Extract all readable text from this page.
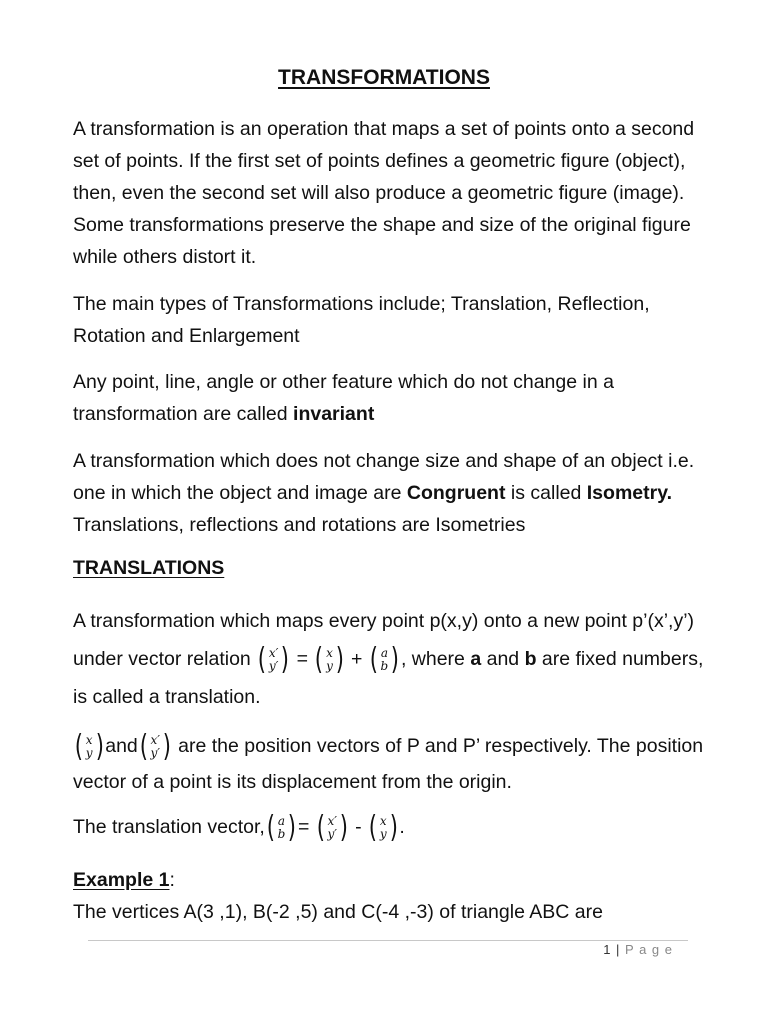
TRANSFORMATIONS

A transformation is an operation that maps a set of points onto a second set of points. If the first set of points defines a geometric figure (object), then, even the second set will also produce a geometric figure (image). Some transformations preserve the shape and size of the original figure while others distort it.

The main types of Transformations include; Translation, Reflection, Rotation and Enlargement

Any point, line, angle or other feature which do not change in a transformation are called invariant

A transformation which does not change size and shape of an object i.e. one in which the object and image are Congruent is called Isometry. Translations, reflections and rotations are Isometries

TRANSLATIONS

A transformation which maps every point p(x,y) onto a new point p’(x’,y’) under vector relation ( x′
y′ ) = ( x
y ) + ( a
b ) , where a and b are fixed numbers, is called a translation.

( x
y ) and ( x′
y′ ) are the position vectors of P and P’ respectively. The position vector of a point is its displacement from the origin.

The translation vector, ( a
b ) = ( x′
y′ ) - ( x
y ) .

Example 1:
The vertices A(3 ,1), B(-2 ,5) and C(-4 ,-3) of triangle ABC are

1 | P a g e
